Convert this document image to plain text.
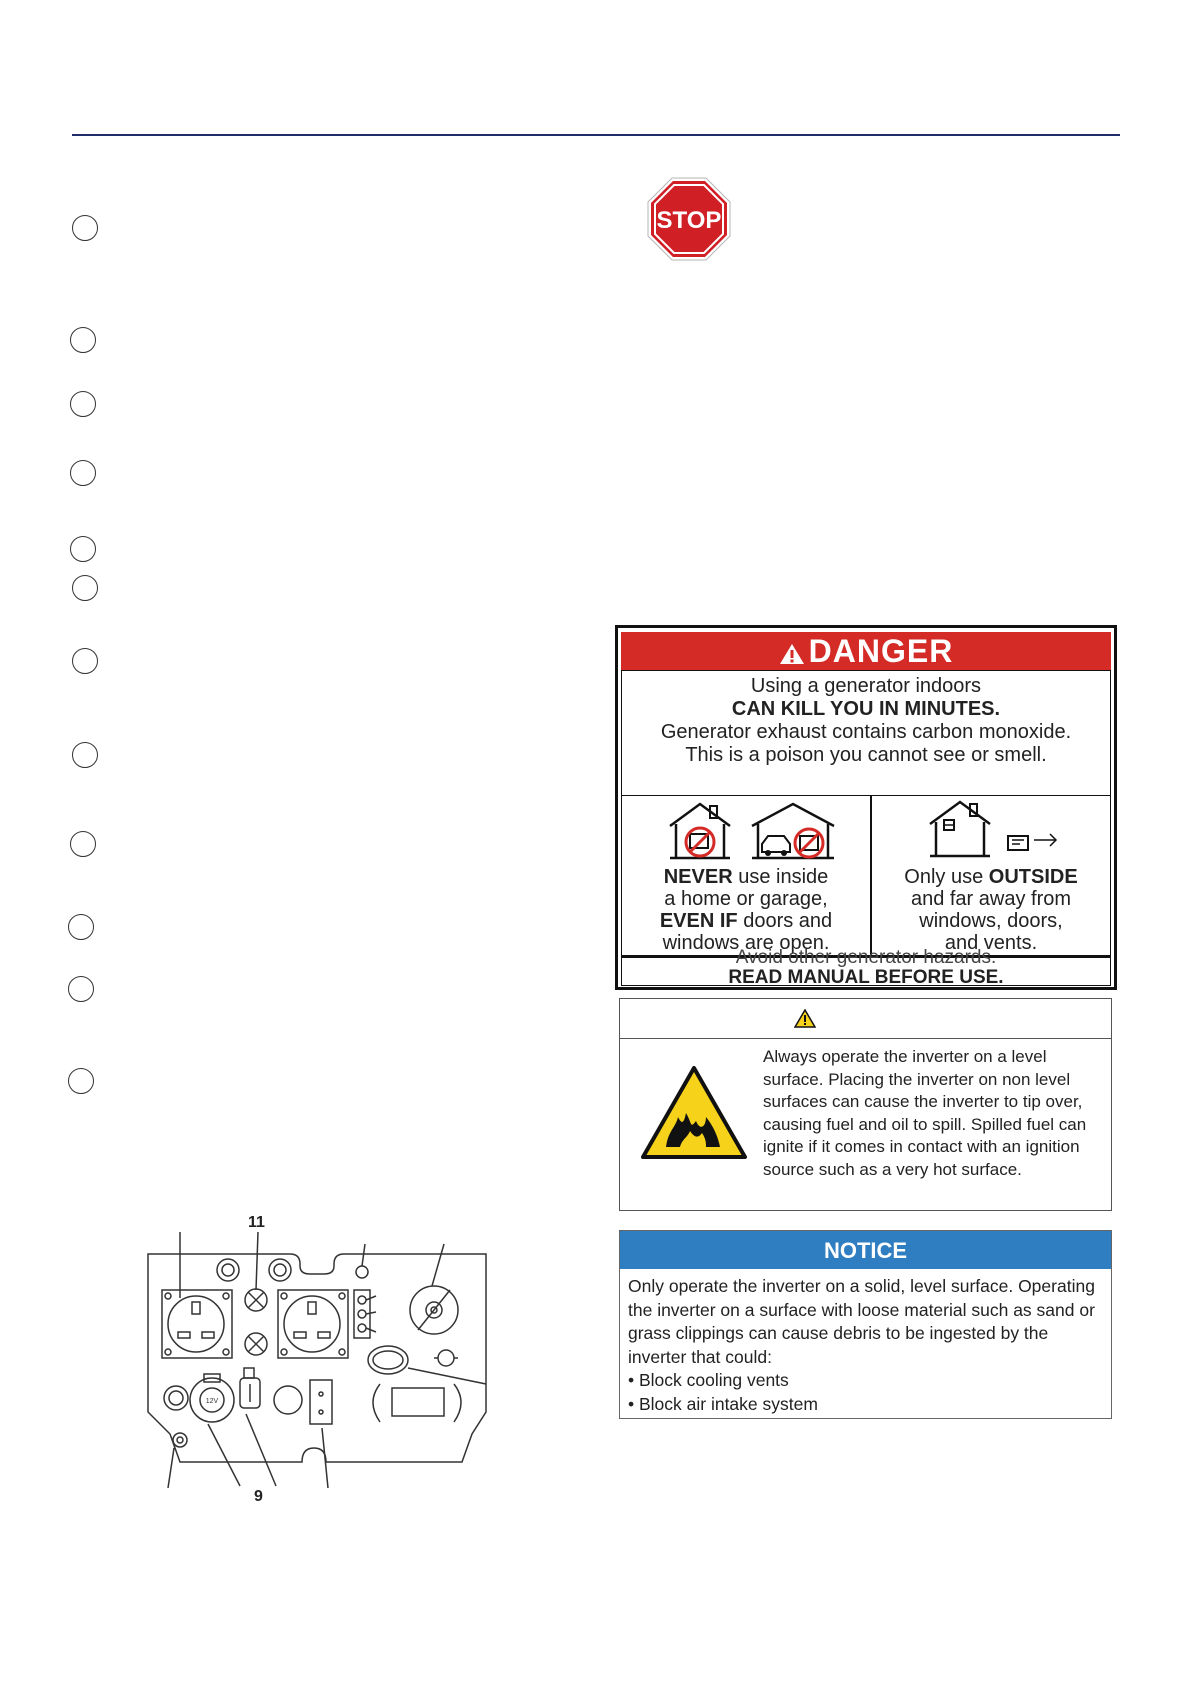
STOP
DANGER
Using a generator indoors
CAN KILL YOU IN MINUTES.
Generator exhaust contains carbon monoxide.
This is a poison you cannot see or smell.
NEVER use inside
a home or garage,
EVEN IF doors and
windows are open.
Only use OUTSIDE
and far away from
windows, doors,
and vents.
Avoid other generator hazards.
READ MANUAL BEFORE USE.
Always operate the inverter on a level surface. Placing the inverter on non level surfaces can cause the inverter to tip over, causing fuel and oil to spill. Spilled fuel can ignite if it comes in contact with an ignition source such as a very hot surface.
NOTICE
Only operate the inverter on a solid, level surface. Operating the inverter on a surface with loose material such as sand or grass clippings can cause debris to be ingested by the inverter that could:
• Block cooling vents
• Block air intake system
12V
11
9
